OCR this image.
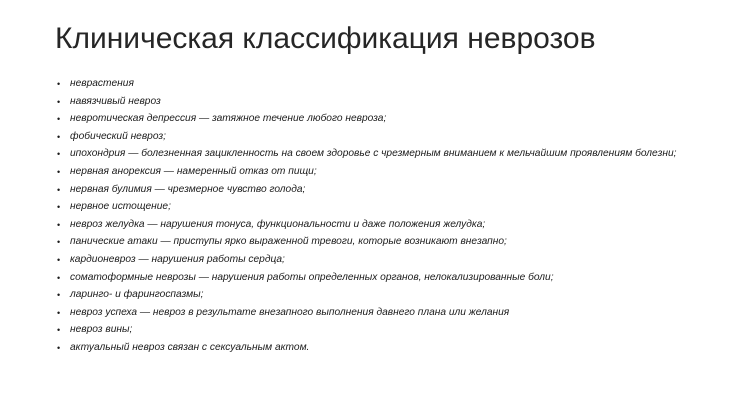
Клиническая классификация неврозов
• неврастения
• навязчивый невроз
• невротическая депрессия — затяжное течение любого невроза;
• фобический невроз;
• ипохондрия — болезненная зацикленность на своем здоровье с чрезмерным вниманием к мельчайшим проявлениям болезни;
• нервная анорексия — намеренный отказ от пищи;
• нервная булимия — чрезмерное чувство голода;
• нервное истощение;
• невроз желудка — нарушения тонуса, функциональности и даже положения желудка;
• панические атаки — приступы ярко выраженной тревоги, которые возникают внезапно;
• кардионевроз — нарушения работы сердца;
• соматоформные неврозы — нарушения работы определенных органов, нелокализированные боли;
• ларинго- и фарингоспазмы;
• невроз успеха — невроз в результате внезапного выполнения давнего плана или желания
• невроз вины;
• актуальный невроз связан с сексуальным актом.
